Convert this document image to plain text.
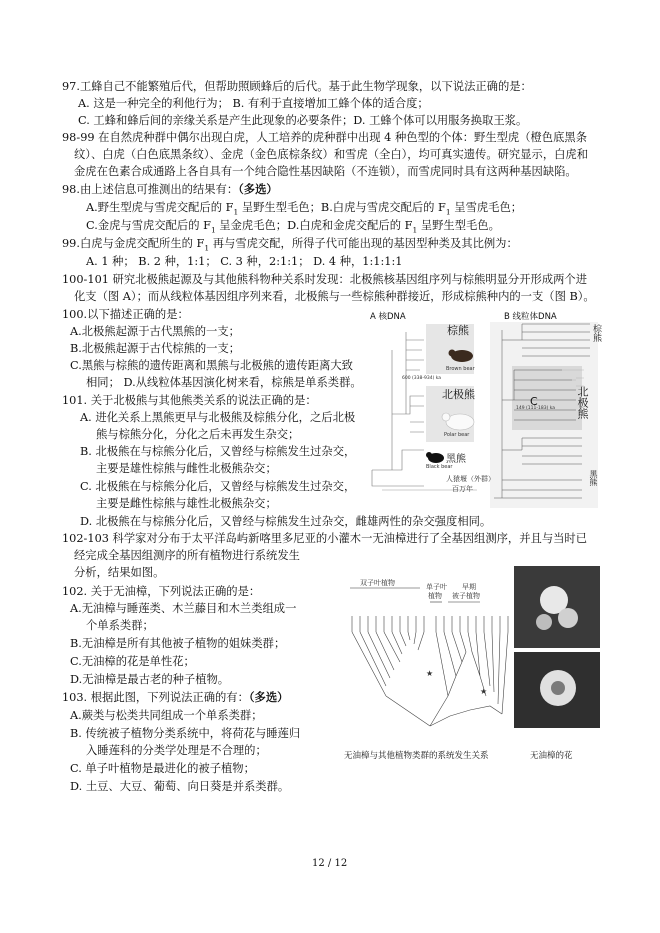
97.工蜂自己不能繁殖后代，但帮助照顾蜂后的后代。基于此生物学现象，以下说法正确的是：
A. 这是一种完全的利他行为； B. 有利于直接增加工蜂个体的适合度；
C. 工蜂和蜂后间的亲缘关系是产生此现象的必要条件；D. 工蜂个体可以用服务换取王浆。
98-99 在自然虎种群中偶尔出现白虎，人工培养的虎种群中出现 4 种色型的个体：野生型虎（橙色底黑条
纹）、白虎（白色底黑条纹）、金虎（金色底棕条纹）和雪虎（全白），均可真实遗传。研究显示，白虎和
金虎在色素合成通路上各自具有一个纯合隐性基因缺陷（不连锁），而雪虎同时具有这两种基因缺陷。
98.由上述信息可推测出的结果有：（多选）
A.野生型虎与雪虎交配后的 $F_1$ 呈野生型毛色；B.白虎与雪虎交配后的 $F_1$ 呈雪虎毛色；
C.金虎与雪虎交配后的 $F_1$ 呈金虎毛色；D.白虎和金虎交配后的 $F_1$ 呈野生型毛色。
99.白虎与金虎交配所生的 $F_1$ 再与雪虎交配，所得子代可能出现的基因型种类及其比例为：
A. 1 种； B. 2 种，1:1； C. 3 种，2:1:1； D. 4 种，1:1:1:1
100-101 研究北极熊起源及与其他熊科物种关系时发现：北极熊核基因组序列与棕熊明显分开形成两个进
化支（图 A）；而从线粒体基因组序列来看，北极熊与一些棕熊种群接近，形成棕熊种内的一支（图 B）。
100.以下描述正确的是：
A.北极熊起源于古代黑熊的一支；
B.北极熊起源于古代棕熊的一支；
C.黑熊与棕熊的遗传距离和黑熊与北极熊的遗传距离大致
相同； D.从线粒体基因演化树来看，棕熊是单系类群。
101. 关于北极熊与其他熊类关系的说法正确的是：
A. 进化关系上黑熊更早与北极熊及棕熊分化，之后北极
熊与棕熊分化，分化之后未再发生杂交；
B. 北极熊在与棕熊分化后，又曾经与棕熊发生过杂交，
主要是雄性棕熊与雌性北极熊杂交；
C. 北极熊在与棕熊分化后，又曾经与棕熊发生过杂交，
主要是雌性棕熊与雄性北极熊杂交；
D. 北极熊在与棕熊分化后，又曾经与棕熊发生过杂交，雌雄两性的杂交强度相同。
C
A 核DNA	B 线粒体DNA
棕熊
Brown bear
北极熊
Polar bear
黑熊
Black bear
人猿堰（外群）
百万年
600 (338-934) ka
棕熊
北极熊
149 (111-183) ka
黑熊
102-103 科学家对分布于太平洋岛屿新喀里多尼亚的小灌木一无油樟进行了全基因组测序，并且与当时已
经完成全基因组测序的所有植物进行系统发生
分析，结果如图。
102. 关于无油樟，下列说法正确的是：
A.无油樟与睡莲类、木兰藤目和木兰类组成一
个单系类群；
B.无油樟是所有其他被子植物的姐妹类群；
C.无油樟的花是单性花；
D.无油樟是最古老的种子植物。
103. 根据此图，下列说法正确的有：（多选）
A.蕨类与松类共同组成一个单系类群；
B. 传统被子植物分类系统中，将荷花与睡莲归
入睡莲科的分类学处理是不合理的；
C. 单子叶植物是最进化的被子植物；
D. 土豆、大豆、葡萄、向日葵是并系类群。
★
★
双子叶植物	单子叶
植物
早期
被子植物
无油樟与其他植物类群的系统发生关系	无油樟的花
12 / 12
